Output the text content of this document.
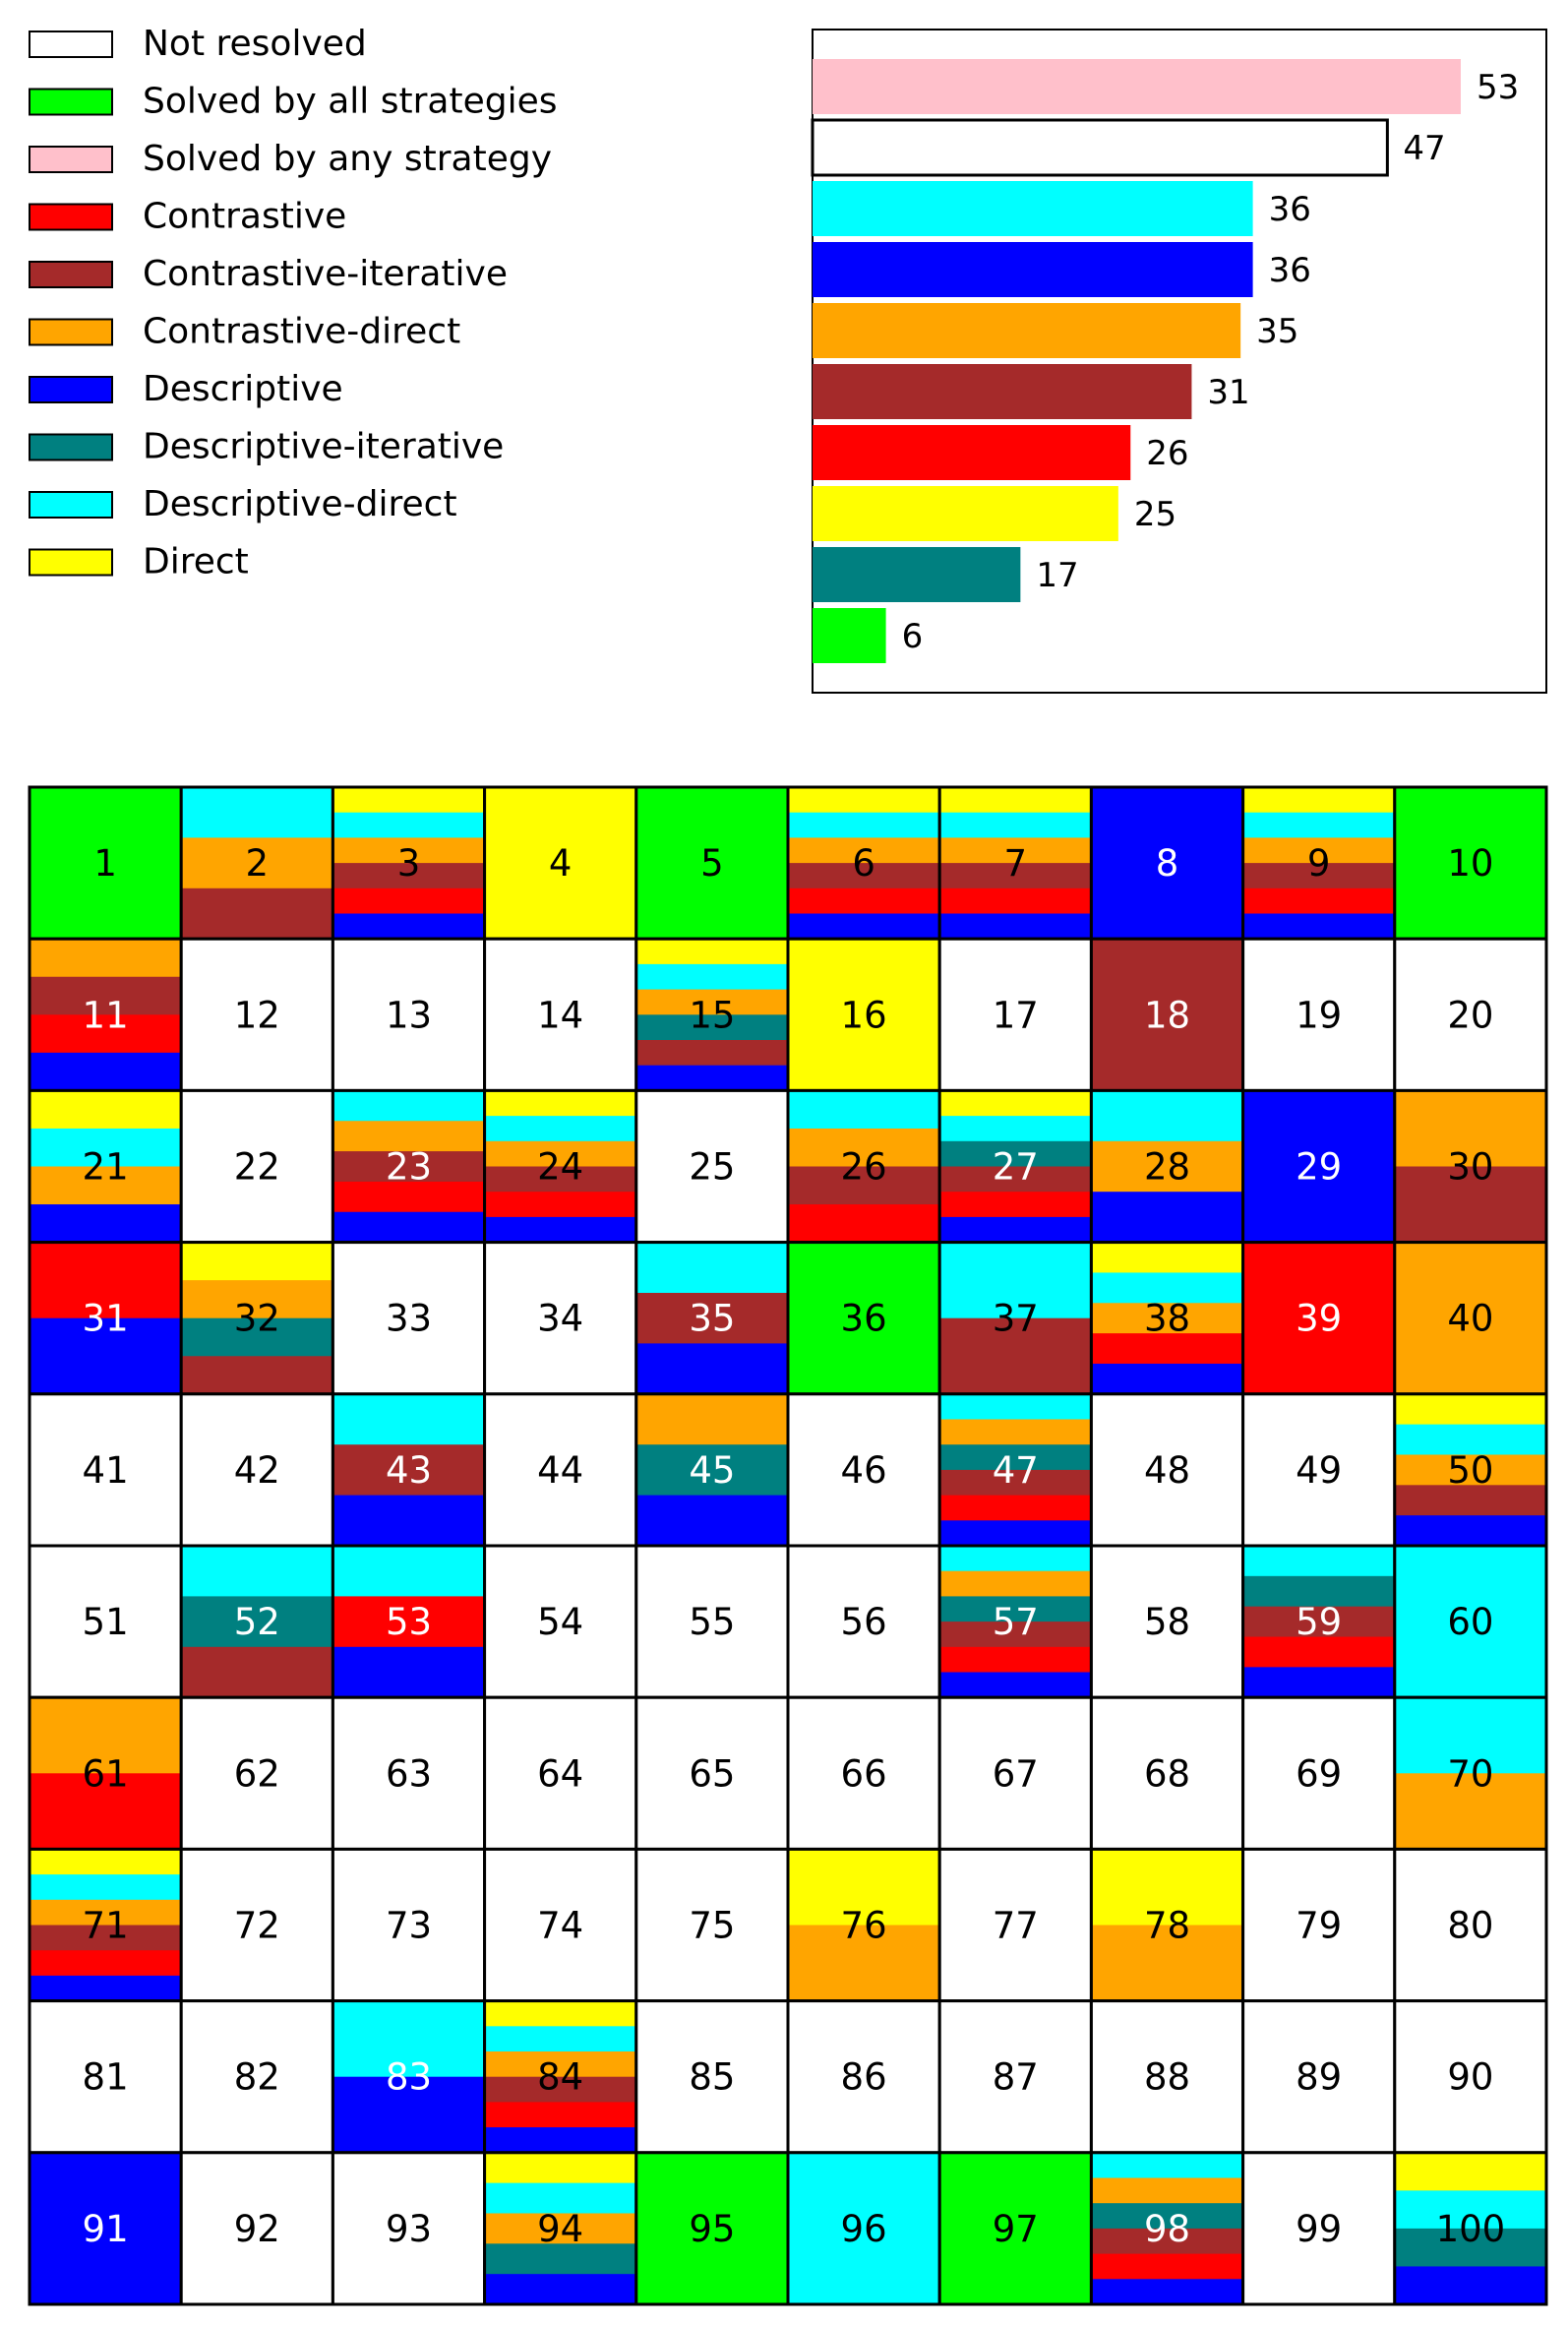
Not resolved
Solved by all strategies
Solved by any strategy
Contrastive
Contrastive-iterative
Contrastive-direct
Descriptive
Descriptive-iterative
Descriptive-direct
Direct
53
47
36
36
35
31
26
25
17
6
1	2	3	4	5	6	7	8	9	10
11	12	13	14	15	16	17	18	19	20
21	22	23	24	25	26	27	28	29	30
31	32	33	34	35	36	37	38	39	40
41	42	43	44	45	46	47	48	49	50
51	52	53	54	55	56	57	58	59	60
61	62	63	64	65	66	67	68	69	70
71	72	73	74	75	76	77	78	79	80
81	82	83	84	85	86	87	88	89	90
91	92	93	94	95	96	97	98	99	100
